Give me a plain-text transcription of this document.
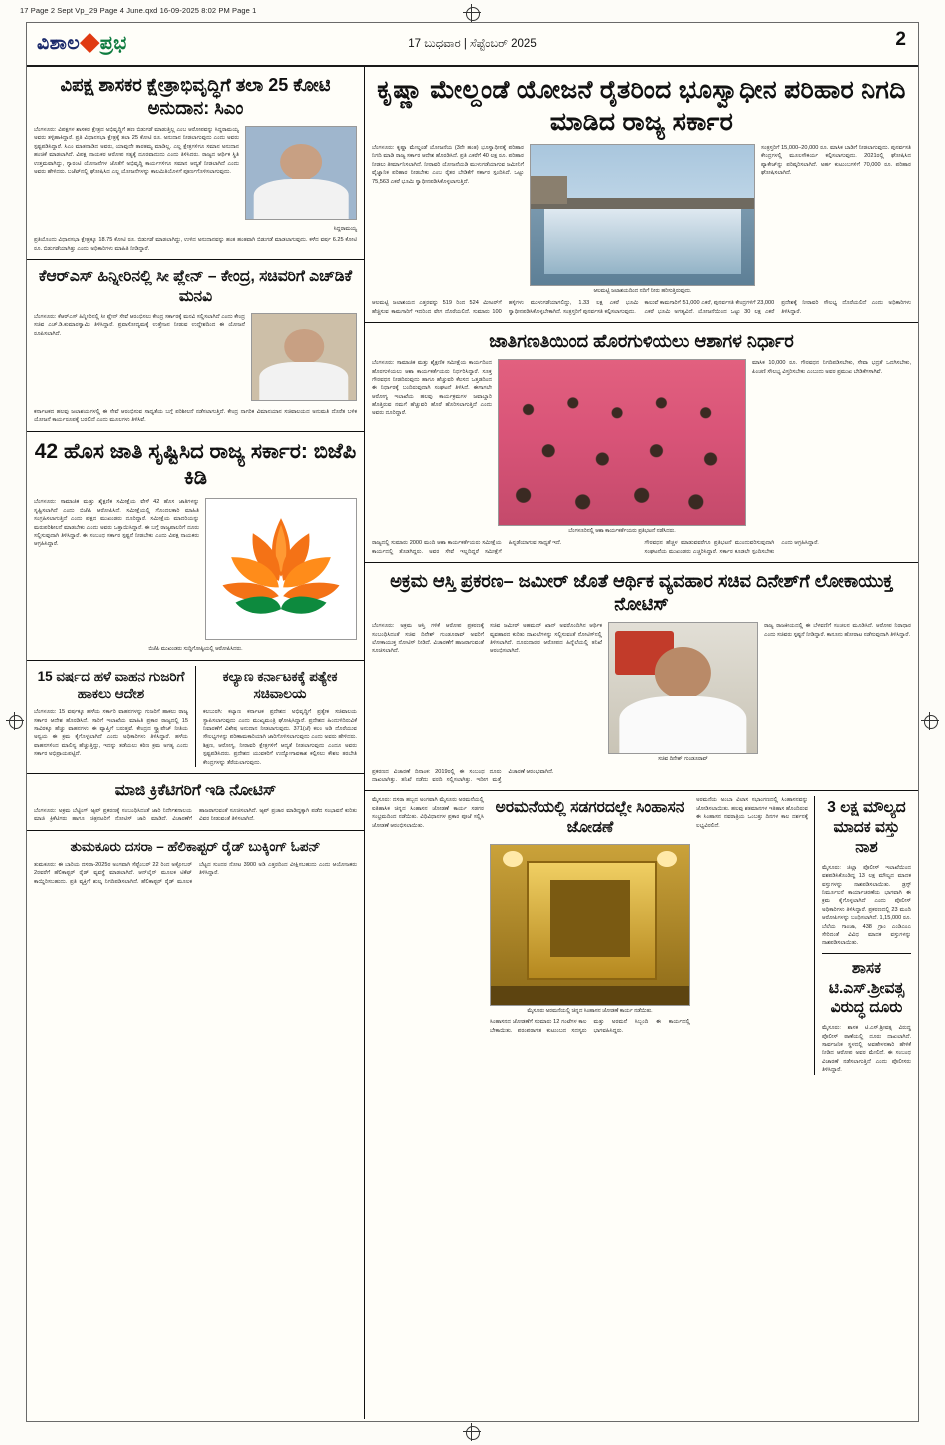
17 Page 2 Sept Vp_29 Page 4 June.qxd 16-09-2025 8:02 PM Page 1
ವಿಶಾಲ◆ಪ್ರಭ	17 ಬುಧವಾರ | ಸೆಪ್ಟೆಂಬರ್ 2025	2
ವಿಪಕ್ಷ ಶಾಸಕರ ಕ್ಷೇತ್ರಾಭಿವೃದ್ಧಿಗೆ ತಲಾ 25 ಕೋಟಿ ಅನುದಾನ: ಸಿಎಂ
ಬೆಂಗಳೂರು: ವಿಪಕ್ಷಗಳ ಶಾಸಕರ ಕ್ಷೇತ್ರದ ಅಭಿವೃದ್ಧಿಗೆ ಹಣ ಬಿಡುಗಡೆ ಮಾಡುತ್ತಿಲ್ಲ ಎಂಬ ಆರೋಪವನ್ನು ಸಿದ್ದರಾಮಯ್ಯ ಅವರು ತಳ್ಳಿಹಾಕಿದ್ದಾರೆ. ಪ್ರತಿ ವಿಧಾನಸಭಾ ಕ್ಷೇತ್ರಕ್ಕೆ ತಲಾ 25 ಕೋಟಿ ರೂ. ಅನುದಾನ ನೀಡಲಾಗುವುದು ಎಂದು ಅವರು ಸ್ಪಷ್ಟಪಡಿಸಿದ್ದಾರೆ. ಸಿಎಂ ಮಾತನಾಡಿದ ಅವರು, ಯಾವುದೇ ತಾರತಮ್ಯ ಮಾಡಿಲ್ಲ. ಎಲ್ಲ ಕ್ಷೇತ್ರಗಳಿಗೂ ಸಮಾನ ಅನುದಾನ ಹಂಚಿಕೆ ಮಾಡಲಾಗಿದೆ. ವಿಪಕ್ಷ ನಾಯಕರ ಆರೋಪ ಸತ್ಯಕ್ಕೆ ದೂರವಾದುದು ಎಂದು ತಿಳಿಸಿದರು. ರಾಜ್ಯದ ಆರ್ಥಿಕ ಸ್ಥಿತಿ ಉತ್ತಮವಾಗಿದ್ದು, ಗ್ಯಾರಂಟಿ ಯೋಜನೆಗಳ ಜೊತೆಗೆ ಅಭಿವೃದ್ಧಿ ಕಾರ್ಯಗಳಿಗೂ ಸಮಾನ ಆದ್ಯತೆ ನೀಡಲಾಗಿದೆ ಎಂದು ಅವರು ಹೇಳಿದರು. ಬಜೆಟ್‌ನಲ್ಲಿ ಘೋಷಿಸಿದ ಎಲ್ಲ ಯೋಜನೆಗಳನ್ನು ಕಾಲಮಿತಿಯೊಳಗೆ ಪೂರ್ಣಗೊಳಿಸಲಾಗುವುದು.
ಸಿದ್ದರಾಮಯ್ಯ
ಪ್ರತಿಯೊಂದು ವಿಧಾನಸಭಾ ಕ್ಷೇತ್ರಕ್ಕೂ 18.75 ಕೋಟಿ ರೂ. ಬಿಡುಗಡೆ ಮಾಡಲಾಗಿದ್ದು, ಉಳಿದ ಅನುದಾನವನ್ನು ಹಂತ ಹಂತವಾಗಿ ಬಿಡುಗಡೆ ಮಾಡಲಾಗುವುದು. ಕಳೆದ ವರ್ಷ 6.25 ಕೋಟಿ ರೂ. ಬಿಡುಗಡೆಯಾಗಿತ್ತು ಎಂದು ಅಧಿಕಾರಿಗಳು ಮಾಹಿತಿ ನೀಡಿದ್ದಾರೆ.
ಕೆಆರ್‌ಎಸ್ ಹಿನ್ನೀರಿನಲ್ಲಿ ಸೀ ಪ್ಲೇನ್ – ಕೇಂದ್ರ, ಸಚಿವರಿಗೆ ಎಚ್‌ಡಿಕೆ ಮನವಿ
ಬೆಂಗಳೂರು: ಕೆಆರ್‌ಎಸ್ ಹಿನ್ನೀರಿನಲ್ಲಿ ಸೀ ಪ್ಲೇನ್ ಸೇವೆ ಆರಂಭಿಸಲು ಕೇಂದ್ರ ಸರ್ಕಾರಕ್ಕೆ ಮನವಿ ಸಲ್ಲಿಸಲಾಗಿದೆ ಎಂದು ಕೇಂದ್ರ ಸಚಿವ ಎಚ್.ಡಿ.ಕುಮಾರಸ್ವಾಮಿ ತಿಳಿಸಿದ್ದಾರೆ. ಪ್ರವಾಸೋದ್ಯಮಕ್ಕೆ ಉತ್ತೇಜನ ನೀಡುವ ಉದ್ದೇಶದಿಂದ ಈ ಯೋಜನೆ ರೂಪಿಸಲಾಗಿದೆ.
ಕರ್ನಾಟಕದ ಹಲವು ಜಲಾಶಯಗಳಲ್ಲಿ ಈ ಸೇವೆ ಆರಂಭಿಸುವ ಸಾಧ್ಯತೆಯ ಬಗ್ಗೆ ಪರಿಶೀಲನೆ ನಡೆಸಲಾಗುತ್ತಿದೆ. ಕೇಂದ್ರ ನಾಗರಿಕ ವಿಮಾನಯಾನ ಸಚಿವಾಲಯದ ಅನುಮತಿ ದೊರೆತ ಬಳಿಕ ಯೋಜನೆ ಕಾರ್ಯರೂಪಕ್ಕೆ ಬರಲಿದೆ ಎಂದು ಮೂಲಗಳು ತಿಳಿಸಿವೆ.
42 ಹೊಸ ಜಾತಿ ಸೃಷ್ಟಿಸಿದ ರಾಜ್ಯ ಸರ್ಕಾರ: ಬಿಜೆಪಿ ಕಿಡಿ
ಬೆಂಗಳೂರು: ಸಾಮಾಜಿಕ ಮತ್ತು ಶೈಕ್ಷಣಿಕ ಸಮೀಕ್ಷೆಯ ವೇಳೆ 42 ಹೊಸ ಜಾತಿಗಳನ್ನು ಸೃಷ್ಟಿಸಲಾಗಿದೆ ಎಂದು ಬಿಜೆಪಿ ಆರೋಪಿಸಿದೆ. ಸಮೀಕ್ಷೆಯಲ್ಲಿ ಗೊಂದಲಕಾರಿ ಮಾಹಿತಿ ಸಂಗ್ರಹಿಸಲಾಗುತ್ತಿದೆ ಎಂದು ಪಕ್ಷದ ಮುಖಂಡರು ದೂರಿದ್ದಾರೆ. ಸಮೀಕ್ಷೆಯ ಮಾದರಿಯನ್ನು ಮರುಪರಿಶೀಲನೆ ಮಾಡಬೇಕು ಎಂದು ಅವರು ಒತ್ತಾಯಿಸಿದ್ದಾರೆ. ಈ ಬಗ್ಗೆ ರಾಜ್ಯಪಾಲರಿಗೆ ದೂರು ಸಲ್ಲಿಸುವುದಾಗಿ ತಿಳಿಸಿದ್ದಾರೆ. ಈ ಸಂಬಂಧ ಸರ್ಕಾರ ಸ್ಪಷ್ಟನೆ ನೀಡಬೇಕು ಎಂದು ವಿಪಕ್ಷ ನಾಯಕರು ಆಗ್ರಹಿಸಿದ್ದಾರೆ.
ಬಿಜೆಪಿ ಮುಖಂಡರು ಸುದ್ದಿಗೋಷ್ಠಿಯಲ್ಲಿ ಆರೋಪಿಸಿದರು.
15 ವರ್ಷದ ಹಳೆ ವಾಹನ ಗುಜರಿಗೆ ಹಾಕಲು ಆದೇಶ
ಬೆಂಗಳೂರು: 15 ವರ್ಷಕ್ಕೂ ಹಳೆಯ ಸರ್ಕಾರಿ ವಾಹನಗಳನ್ನು ಗುಜರಿಗೆ ಹಾಕಲು ರಾಜ್ಯ ಸರ್ಕಾರ ಆದೇಶ ಹೊರಡಿಸಿದೆ. ಸಾರಿಗೆ ಇಲಾಖೆಯ ಮಾಹಿತಿ ಪ್ರಕಾರ ರಾಜ್ಯದಲ್ಲಿ 15 ಸಾವಿರಕ್ಕೂ ಹೆಚ್ಚು ವಾಹನಗಳು ಈ ವ್ಯಾಪ್ತಿಗೆ ಬರುತ್ತವೆ. ಕೇಂದ್ರದ ಸ್ಕ್ರ್ಯಾಪೇಜ್ ನೀತಿಯ ಅನ್ವಯ ಈ ಕ್ರಮ ಕೈಗೊಳ್ಳಲಾಗಿದೆ ಎಂದು ಅಧಿಕಾರಿಗಳು ತಿಳಿಸಿದ್ದಾರೆ. ಹಳೆಯ ವಾಹನಗಳಿಂದ ಮಾಲಿನ್ಯ ಹೆಚ್ಚುತ್ತಿದ್ದು, ಇದನ್ನು ತಡೆಯಲು ಕಠಿಣ ಕ್ರಮ ಅಗತ್ಯ ಎಂದು ಸರ್ಕಾರ ಅಭಿಪ್ರಾಯಪಟ್ಟಿದೆ.
ಕಲ್ಯಾಣ ಕರ್ನಾಟಕಕ್ಕೆ ಪತ್ಯೇಕ ಸಚಿವಾಲಯ
ಕಲಬುರಗಿ: ಕಲ್ಯಾಣ ಕರ್ನಾಟಕ ಪ್ರದೇಶದ ಅಭಿವೃದ್ಧಿಗೆ ಪ್ರತ್ಯೇಕ ಸಚಿವಾಲಯ ಸ್ಥಾಪಿಸಲಾಗುವುದು ಎಂದು ಮುಖ್ಯಮಂತ್ರಿ ಘೋಷಿಸಿದ್ದಾರೆ. ಪ್ರದೇಶದ ಹಿಂದುಳಿದಿರುವಿಕೆ ನಿವಾರಣೆಗೆ ವಿಶೇಷ ಅನುದಾನ ನೀಡಲಾಗುವುದು. 371(ಜೆ) ಕಲಂ ಅಡಿ ದೊರೆಯುವ ಸೌಲಭ್ಯಗಳನ್ನು ಪರಿಣಾಮಕಾರಿಯಾಗಿ ಜಾರಿಗೊಳಿಸಲಾಗುವುದು ಎಂದು ಅವರು ಹೇಳಿದರು. ಶಿಕ್ಷಣ, ಆರೋಗ್ಯ, ನೀರಾವರಿ ಕ್ಷೇತ್ರಗಳಿಗೆ ಆದ್ಯತೆ ನೀಡಲಾಗುವುದು ಎಂದೂ ಅವರು ಸ್ಪಷ್ಟಪಡಿಸಿದರು. ಪ್ರದೇಶದ ಯುವಕರಿಗೆ ಉದ್ಯೋಗಾವಕಾಶ ಕಲ್ಪಿಸಲು ಕೌಶಲ ತರಬೇತಿ ಕೇಂದ್ರಗಳನ್ನು ತೆರೆಯಲಾಗುವುದು.
ಮಾಜಿ ಕ್ರಿಕೆಟಿಗರಿಗೆ ಇಡಿ ನೋಟಿಸ್
ಬೆಂಗಳೂರು: ಅಕ್ರಮ ಬೆಟ್ಟಿಂಗ್ ಆ್ಯಪ್ ಪ್ರಕರಣಕ್ಕೆ ಸಂಬಂಧಿಸಿದಂತೆ ಜಾರಿ ನಿರ್ದೇಶನಾಲಯ ಮಾಜಿ ಕ್ರಿಕೆಟಿಗರು ಹಾಗೂ ಚಿತ್ರನಟರಿಗೆ ನೋಟಿಸ್ ಜಾರಿ ಮಾಡಿದೆ. ವಿಚಾರಣೆಗೆ ಹಾಜರಾಗುವಂತೆ ಸೂಚಿಸಲಾಗಿದೆ. ಆ್ಯಪ್ ಪ್ರಚಾರ ಮಾಡಿದ್ದಕ್ಕಾಗಿ ಪಡೆದ ಸಂಭಾವನೆ ಕುರಿತು ವಿವರ ನೀಡುವಂತೆ ತಿಳಿಸಲಾಗಿದೆ.
ತುಮಕೂರು ದಸರಾ – ಹೆಲಿಕಾಪ್ಟರ್ ರೈಡ್ ಬುಕ್ಕಿಂಗ್ ಓಪನ್
ತುಮಕೂರು: ಈ ಬಾರಿಯ ದಸರಾ-2025ರ ಅಂಗವಾಗಿ ಸೆಪ್ಟೆಂಬರ್ 22 ರಿಂದ ಅಕ್ಟೋಬರ್ 2ರವರೆಗೆ ಹೆಲಿಕಾಪ್ಟರ್ ರೈಡ್ ವ್ಯವಸ್ಥೆ ಮಾಡಲಾಗಿದೆ. ಆನ್‌ಲೈನ್ ಮೂಲಕ ಟಿಕೆಟ್ ಕಾಯ್ದಿರಿಸಬಹುದು. ಪ್ರತಿ ವ್ಯಕ್ತಿಗೆ ಶುಲ್ಕ ನಿಗದಿಪಡಿಸಲಾಗಿದೆ. ಹೆಲಿಕಾಪ್ಟರ್ ರೈಡ್ ಮೂಲಕ ಬೆಟ್ಟದ ಸುಂದರ ನೋಟ 3900 ಅಡಿ ಎತ್ತರದಿಂದ ವೀಕ್ಷಿಸಬಹುದು ಎಂದು ಆಯೋಜಕರು ತಿಳಿಸಿದ್ದಾರೆ.
ಕೃಷ್ಣಾ ಮೇಲ್ದಂಡೆ ಯೋಜನೆ ರೈತರಿಂದ ಭೂಸ್ವಾಧೀನ ಪರಿಹಾರ ನಿಗದಿ ಮಾಡಿದ ರಾಜ್ಯ ಸರ್ಕಾರ
ಬೆಂಗಳೂರು: ಕೃಷ್ಣಾ ಮೇಲ್ದಂಡೆ ಯೋಜನೆಯ (3ನೇ ಹಂತ) ಭೂಸ್ವಾಧೀನಕ್ಕೆ ಪರಿಹಾರ ನಿಗದಿ ಮಾಡಿ ರಾಜ್ಯ ಸರ್ಕಾರ ಆದೇಶ ಹೊರಡಿಸಿದೆ. ಪ್ರತಿ ಎಕರೆಗೆ 40 ಲಕ್ಷ ರೂ. ಪರಿಹಾರ ನೀಡಲು ತೀರ್ಮಾನಿಸಲಾಗಿದೆ. ನೀರಾವರಿ ಯೋಜನೆಯಡಿ ಮುಳುಗಡೆಯಾಗುವ ಜಮೀನಿಗೆ ವೈಜ್ಞಾನಿಕ ಪರಿಹಾರ ನೀಡಬೇಕು ಎಂಬ ರೈತರ ಬೇಡಿಕೆಗೆ ಸರ್ಕಾರ ಸ್ಪಂದಿಸಿದೆ. ಒಟ್ಟು 75,563 ಎಕರೆ ಭೂಮಿ ಸ್ವಾಧೀನಪಡಿಸಿಕೊಳ್ಳಲಾಗುತ್ತಿದೆ.
ಆಲಮಟ್ಟಿ ಜಲಾಶಯದಿಂದ ನದಿಗೆ ನೀರು ಹರಿಸುತ್ತಿರುವುದು.
ಸಂತ್ರಸ್ತರಿಗೆ 15,000–20,000 ರೂ. ಮಾಸಿಕ ಬಾಡಿಗೆ ನೀಡಲಾಗುವುದು. ಪುನರ್ವಸತಿ ಕೇಂದ್ರಗಳಲ್ಲಿ ಮೂಲಸೌಕರ್ಯ ಕಲ್ಪಿಸಲಾಗುವುದು. 2021ರಲ್ಲಿ ಘೋಷಿಸಿದ ಪ್ಯಾಕೇಜ್‌ನ್ನು ಪರಿಷ್ಕರಿಸಲಾಗಿದೆ. ಅರ್ಹ ಕುಟುಂಬಗಳಿಗೆ 70,000 ರೂ. ಪರಿಹಾರ ಘೋಷಿಸಲಾಗಿದೆ.
ಆಲಮಟ್ಟಿ ಜಲಾಶಯದ ಎತ್ತರವನ್ನು 519 ರಿಂದ 524 ಮೀಟರ್‌ಗೆ ಹೆಚ್ಚಿಸುವ ಕಾಮಗಾರಿಗೆ ಇದರಿಂದ ವೇಗ ದೊರೆಯಲಿದೆ. ಸುಮಾರು 100 ಹಳ್ಳಿಗಳು ಮುಳುಗಡೆಯಾಗಲಿದ್ದು, 1.33 ಲಕ್ಷ ಎಕರೆ ಭೂಮಿ ಸ್ವಾಧೀನಪಡಿಸಿಕೊಳ್ಳಬೇಕಾಗಿದೆ. ಸಂತ್ರಸ್ತರಿಗೆ ಪುನರ್ವಸತಿ ಕಲ್ಪಿಸಲಾಗುವುದು.
ಕಾಲುವೆ ಕಾಮಗಾರಿಗೆ 51,000 ಎಕರೆ, ಪುನರ್ವಸತಿ ಕೇಂದ್ರಗಳಿಗೆ 23,000 ಎಕರೆ ಭೂಮಿ ಅಗತ್ಯವಿದೆ. ಯೋಜನೆಯಿಂದ ಒಟ್ಟು 30 ಲಕ್ಷ ಎಕರೆ ಪ್ರದೇಶಕ್ಕೆ ನೀರಾವರಿ ಸೌಲಭ್ಯ ದೊರೆಯಲಿದೆ ಎಂದು ಅಧಿಕಾರಿಗಳು ತಿಳಿಸಿದ್ದಾರೆ.
ಜಾತಿಗಣತಿಯಿಂದ ಹೊರಗುಳಿಯಲು ಆಶಾಗಳ ನಿರ್ಧಾರ
ಬೆಂಗಳೂರು: ಸಾಮಾಜಿಕ ಮತ್ತು ಶೈಕ್ಷಣಿಕ ಸಮೀಕ್ಷೆಯ ಕಾರ್ಯದಿಂದ ಹೊರಗುಳಿಯಲು ಆಶಾ ಕಾರ್ಯಕರ್ತೆಯರು ನಿರ್ಧರಿಸಿದ್ದಾರೆ. ಸೂಕ್ತ ಗೌರವಧನ ನೀಡದಿರುವುದು ಹಾಗೂ ಹೆಚ್ಚುವರಿ ಕೆಲಸದ ಒತ್ತಡದಿಂದ ಈ ನಿರ್ಧಾರಕ್ಕೆ ಬಂದಿರುವುದಾಗಿ ಸಂಘಟನೆ ತಿಳಿಸಿದೆ. ಈಗಾಗಲೇ ಆರೋಗ್ಯ ಇಲಾಖೆಯ ಹಲವು ಕಾರ್ಯಕ್ರಮಗಳ ಜವಾಬ್ದಾರಿ ಹೊತ್ತಿರುವ ನಮಗೆ ಹೆಚ್ಚುವರಿ ಹೊರೆ ಹೊರಿಸಲಾಗುತ್ತಿದೆ ಎಂದು ಅವರು ದೂರಿದ್ದಾರೆ.
ಬೆಂಗಳೂರಿನಲ್ಲಿ ಆಶಾ ಕಾರ್ಯಕರ್ತೆಯರು ಪ್ರತಿಭಟನೆ ನಡೆಸಿದರು.
ಮಾಸಿಕ 10,000 ರೂ. ಗೌರವಧನ ನಿಗದಿಪಡಿಸಬೇಕು, ಸೇವಾ ಭದ್ರತೆ ಒದಗಿಸಬೇಕು, ಪಿಂಚಣಿ ಸೌಲಭ್ಯ ವಿಸ್ತರಿಸಬೇಕು ಎಂಬುದು ಅವರ ಪ್ರಮುಖ ಬೇಡಿಕೆಗಳಾಗಿವೆ.
ರಾಜ್ಯದಲ್ಲಿ ಸುಮಾರು 2000 ಮಂದಿ ಆಶಾ ಕಾರ್ಯಕರ್ತೆಯರು ಸಮೀಕ್ಷೆಯ ಕಾರ್ಯದಲ್ಲಿ ತೊಡಗಿದ್ದರು. ಅವರ ಸೇವೆ ಇಲ್ಲದಿದ್ದರೆ ಸಮೀಕ್ಷೆಗೆ ಹಿನ್ನಡೆಯಾಗುವ ಸಾಧ್ಯತೆ ಇದೆ.	ಗೌರವಧನ ಹೆಚ್ಚಳ ಮಾಡುವವರೆಗೂ ಪ್ರತಿಭಟನೆ ಮುಂದುವರಿಸುವುದಾಗಿ ಸಂಘಟನೆಯ ಮುಖಂಡರು ಎಚ್ಚರಿಸಿದ್ದಾರೆ. ಸರ್ಕಾರ ಕೂಡಲೇ ಸ್ಪಂದಿಸಬೇಕು ಎಂದು ಆಗ್ರಹಿಸಿದ್ದಾರೆ.
ಅಕ್ರಮ ಆಸ್ತಿ ಪ್ರಕರಣ– ಜಮೀರ್ ಜೊತೆ ಆರ್ಥಿಕ ವ್ಯವಹಾರ ಸಚಿವ ದಿನೇಶ್‌ಗೆ ಲೋಕಾಯುಕ್ತ ನೋಟಿಸ್
ಬೆಂಗಳೂರು: ಅಕ್ರಮ ಆಸ್ತಿ ಗಳಿಕೆ ಆರೋಪ ಪ್ರಕರಣಕ್ಕೆ ಸಂಬಂಧಿಸಿದಂತೆ ಸಚಿವ ದಿನೇಶ್ ಗುಂಡೂರಾವ್ ಅವರಿಗೆ ಲೋಕಾಯುಕ್ತ ನೋಟಿಸ್ ನೀಡಿದೆ. ವಿಚಾರಣೆಗೆ ಹಾಜರಾಗುವಂತೆ ಸೂಚಿಸಲಾಗಿದೆ.
ಸಚಿವ ಜಮೀರ್ ಅಹಮದ್ ಖಾನ್ ಅವರೊಂದಿಗಿನ ಆರ್ಥಿಕ ವ್ಯವಹಾರದ ಕುರಿತು ದಾಖಲೆಗಳನ್ನು ಸಲ್ಲಿಸುವಂತೆ ನೋಟಿಸ್‌ನಲ್ಲಿ ತಿಳಿಸಲಾಗಿದೆ. ದೂರುದಾರರ ಆರೋಪದ ಹಿನ್ನೆಲೆಯಲ್ಲಿ ತನಿಖೆ ಆರಂಭಿಸಲಾಗಿದೆ.
ಸಚಿವ ದಿನೇಶ್ ಗುಂಡೂರಾವ್
ರಾಜ್ಯ ರಾಜಕೀಯದಲ್ಲಿ ಈ ಬೆಳವಣಿಗೆ ಸಂಚಲನ ಮೂಡಿಸಿದೆ. ಆರೋಪ ನಿರಾಧಾರ ಎಂದು ಸಚಿವರು ಸ್ಪಷ್ಟನೆ ನೀಡಿದ್ದಾರೆ. ಕಾನೂನು ಹೋರಾಟ ನಡೆಸುವುದಾಗಿ ತಿಳಿಸಿದ್ದಾರೆ.
ಪ್ರಕರಣದ ವಿಚಾರಣೆ ದಿನಾಂಕ: 2019ರಲ್ಲಿ ಈ ಸಂಬಂಧ ದೂರು ದಾಖಲಾಗಿತ್ತು. ತನಿಖೆ ನಡೆದು ವರದಿ ಸಲ್ಲಿಸಲಾಗಿತ್ತು. ಇದೀಗ ಮತ್ತೆ ವಿಚಾರಣೆ ಆರಂಭವಾಗಿದೆ.
ಮೈಸೂರು: ದಸರಾ ಹಬ್ಬದ ಅಂಗವಾಗಿ ಮೈಸೂರು ಅರಮನೆಯಲ್ಲಿ ಐತಿಹಾಸಿಕ ಚಿನ್ನದ ಸಿಂಹಾಸನ ಜೋಡಣೆ ಕಾರ್ಯ ಸಡಗರ ಸಂಭ್ರಮದಿಂದ ನಡೆಯಿತು. ವಿಧಿವಿಧಾನಗಳ ಪ್ರಕಾರ ಪೂಜೆ ಸಲ್ಲಿಸಿ ಜೋಡಣೆ ಆರಂಭಿಸಲಾಯಿತು.
ಅರಮನೆಯಲ್ಲಿ ಸಡಗರದಲ್ಲೇ ಸಿಂಹಾಸನ ಜೋಡಣೆ
ಮೈಸೂರು ಅರಮನೆಯಲ್ಲಿ ಚಿನ್ನದ ಸಿಂಹಾಸನ ಜೋಡಣೆ ಕಾರ್ಯ ನಡೆಯಿತು.
ಸಿಂಹಾಸನದ ಜೋಡಣೆಗೆ ಸುಮಾರು 12 ಗಂಟೆಗಳ ಕಾಲ ಬೇಕಾಯಿತು. ಪರಂಪರಾಗತ ಕುಟುಂಬದ ಸದಸ್ಯರು ಮತ್ತು ಅರಮನೆ ಸಿಬ್ಬಂದಿ ಈ ಕಾರ್ಯದಲ್ಲಿ ಭಾಗವಹಿಸಿದ್ದರು.
ಅರಮನೆಯ ಅಂಬಾ ವಿಲಾಸ ಸಭಾಂಗಣದಲ್ಲಿ ಸಿಂಹಾಸನವನ್ನು ಜೋಡಿಸಲಾಯಿತು. ಹಲವು ಶತಮಾನಗಳ ಇತಿಹಾಸ ಹೊಂದಿರುವ ಈ ಸಿಂಹಾಸನ ನವರಾತ್ರಿಯ ಒಂಬತ್ತು ದಿನಗಳ ಕಾಲ ದರ್ಶನಕ್ಕೆ ಲಭ್ಯವಿರಲಿದೆ.
3 ಲಕ್ಷ ಮೌಲ್ಯದ ಮಾದಕ ವಸ್ತು ನಾಶ
ಮೈಸೂರು: ಜಿಲ್ಲಾ ಪೊಲೀಸ್ ಇಲಾಖೆಯಿಂದ ವಶಪಡಿಸಿಕೊಂಡಿದ್ದ 13 ಲಕ್ಷ ಮೌಲ್ಯದ ಮಾದಕ ವಸ್ತುಗಳನ್ನು ನಾಶಪಡಿಸಲಾಯಿತು. ಡ್ರಗ್ಸ್ ನಿರ್ಮೂಲನೆ ಕಾರ್ಯಾಚರಣೆಯ ಭಾಗವಾಗಿ ಈ ಕ್ರಮ ಕೈಗೊಳ್ಳಲಾಗಿದೆ ಎಂದು ಪೊಲೀಸ್ ಅಧಿಕಾರಿಗಳು ತಿಳಿಸಿದ್ದಾರೆ. ಪ್ರಕರಣದಲ್ಲಿ 23 ಮಂದಿ ಆರೋಪಿಗಳನ್ನು ಬಂಧಿಸಲಾಗಿದೆ. 1,15,000 ರೂ. ಬೆಲೆಯ ಗಾಂಜಾ, 438 ಗ್ರಾಂ ಎಂಡಿಎಂಎ ಸೇರಿದಂತೆ ವಿವಿಧ ಮಾದಕ ವಸ್ತುಗಳನ್ನು ನಾಶಪಡಿಸಲಾಯಿತು.
ಶಾಸಕ ಟಿ.ಎಸ್.ಶ್ರೀವತ್ಸ ವಿರುದ್ಧ ದೂರು
ಮೈಸೂರು: ಶಾಸಕ ಟಿ.ಎಸ್.ಶ್ರೀವತ್ಸ ವಿರುದ್ಧ ಪೊಲೀಸ್ ಠಾಣೆಯಲ್ಲಿ ದೂರು ದಾಖಲಾಗಿದೆ. ಸಾರ್ವಜನಿಕ ಸ್ಥಳದಲ್ಲಿ ಅವಹೇಳನಕಾರಿ ಹೇಳಿಕೆ ನೀಡಿದ ಆರೋಪ ಅವರ ಮೇಲಿದೆ. ಈ ಸಂಬಂಧ ವಿಚಾರಣೆ ನಡೆಸಲಾಗುತ್ತಿದೆ ಎಂದು ಪೊಲೀಸರು ತಿಳಿಸಿದ್ದಾರೆ.
